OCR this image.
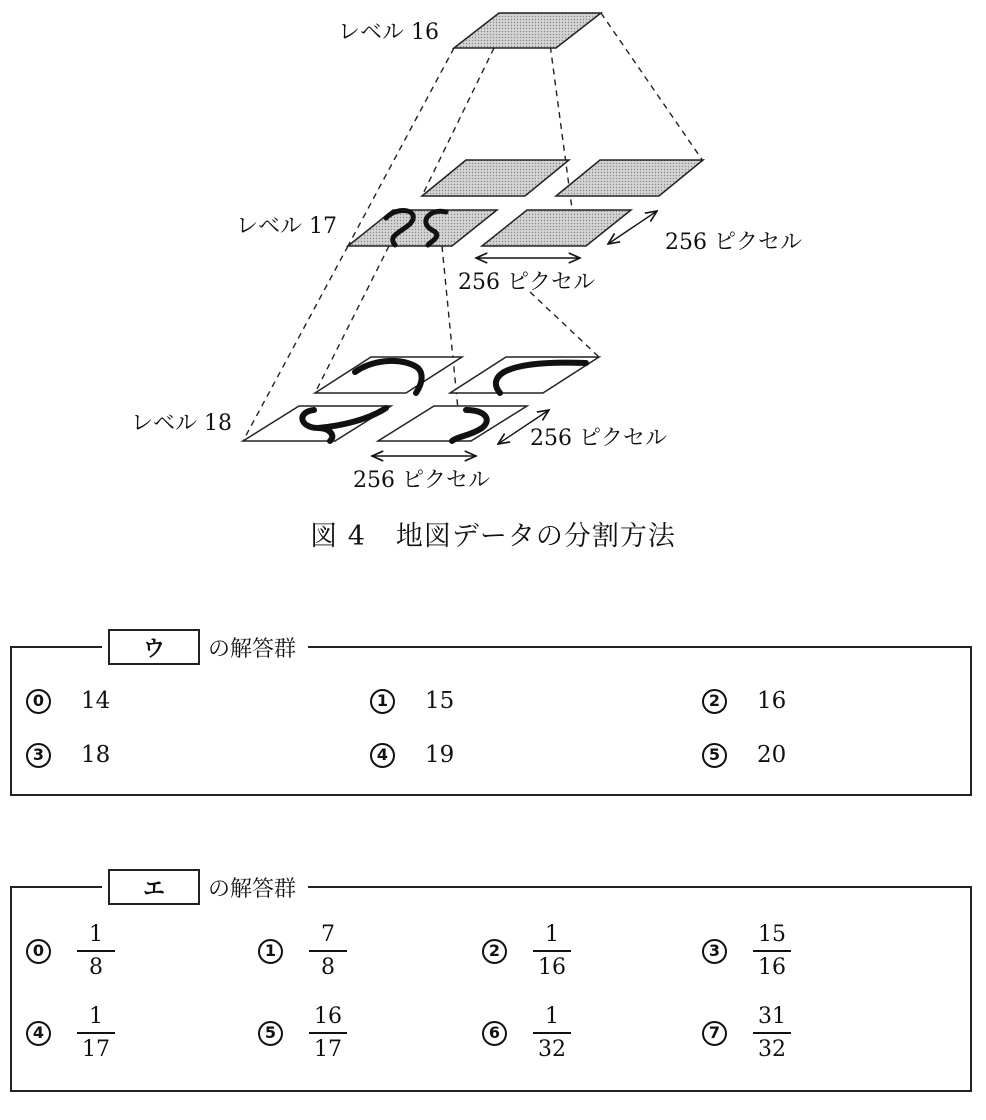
レベル 16
レベル 17
レベル 18
256 ピクセル
256 ピクセル
256 ピクセル
256 ピクセル
図 4 地図データの分割方法
ウ	の解答群
0	14	1	15	2	16
3	18	4	19	5	20
エ	の解答群
0	$\frac{1}{8}$	1	$\frac{7}{8}$	2	$\frac{1}{16}$	3	$\frac{15}{16}$
4	$\frac{1}{17}$	5	$\frac{16}{17}$	6	$\frac{1}{32}$	7	$\frac{31}{32}$
